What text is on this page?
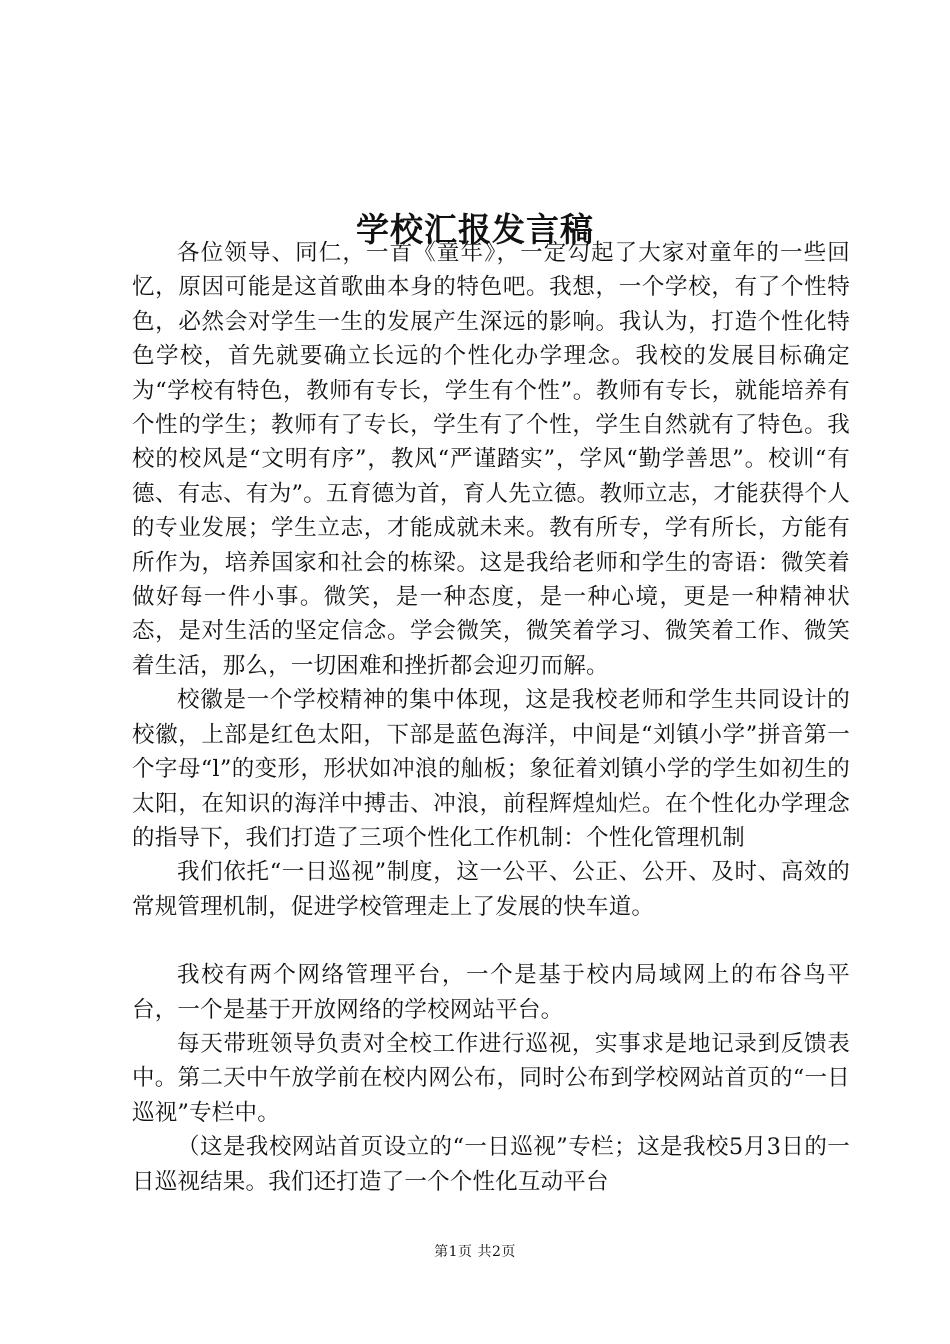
学校汇报发言稿

各位领导、同仁，一首《童年》，一定勾起了大家对童年的一些回忆，原因可能是这首歌曲本身的特色吧。我想，一个学校，有了个性特色，必然会对学生一生的发展产生深远的影响。我认为，打造个性化特色学校，首先就要确立长远的个性化办学理念。我校的发展目标确定为“学校有特色，教师有专长，学生有个性”。教师有专长，就能培养有个性的学生；教师有了专长，学生有了个性，学生自然就有了特色。我校的校风是“文明有序”，教风“严谨踏实”，学风“勤学善思”。校训“有德、有志、有为”。五育德为首，育人先立德。教师立志，才能获得个人的专业发展；学生立志，才能成就未来。教有所专，学有所长，方能有所作为，培养国家和社会的栋梁。这是我给老师和学生的寄语：微笑着做好每一件小事。微笑，是一种态度，是一种心境，更是一种精神状态，是对生活的坚定信念。学会微笑，微笑着学习、微笑着工作、微笑着生活，那么，一切困难和挫折都会迎刃而解。

校徽是一个学校精神的集中体现，这是我校老师和学生共同设计的校徽，上部是红色太阳，下部是蓝色海洋，中间是“刘镇小学”拼音第一个字母“l”的变形，形状如冲浪的舢板；象征着刘镇小学的学生如初生的太阳，在知识的海洋中搏击、冲浪，前程辉煌灿烂。在个性化办学理念的指导下，我们打造了三项个性化工作机制：个性化管理机制

我们依托“一日巡视”制度，这一公平、公正、公开、及时、高效的常规管理机制，促进学校管理走上了发展的快车道。

我校有两个网络管理平台，一个是基于校内局域网上的布谷鸟平台，一个是基于开放网络的学校网站平台。

每天带班领导负责对全校工作进行巡视，实事求是地记录到反馈表中。第二天中午放学前在校内网公布，同时公布到学校网站首页的“一日巡视”专栏中。

（这是我校网站首页设立的“一日巡视”专栏；这是我校5月3日的一日巡视结果。我们还打造了一个个性化互动平台

第1页 共2页
